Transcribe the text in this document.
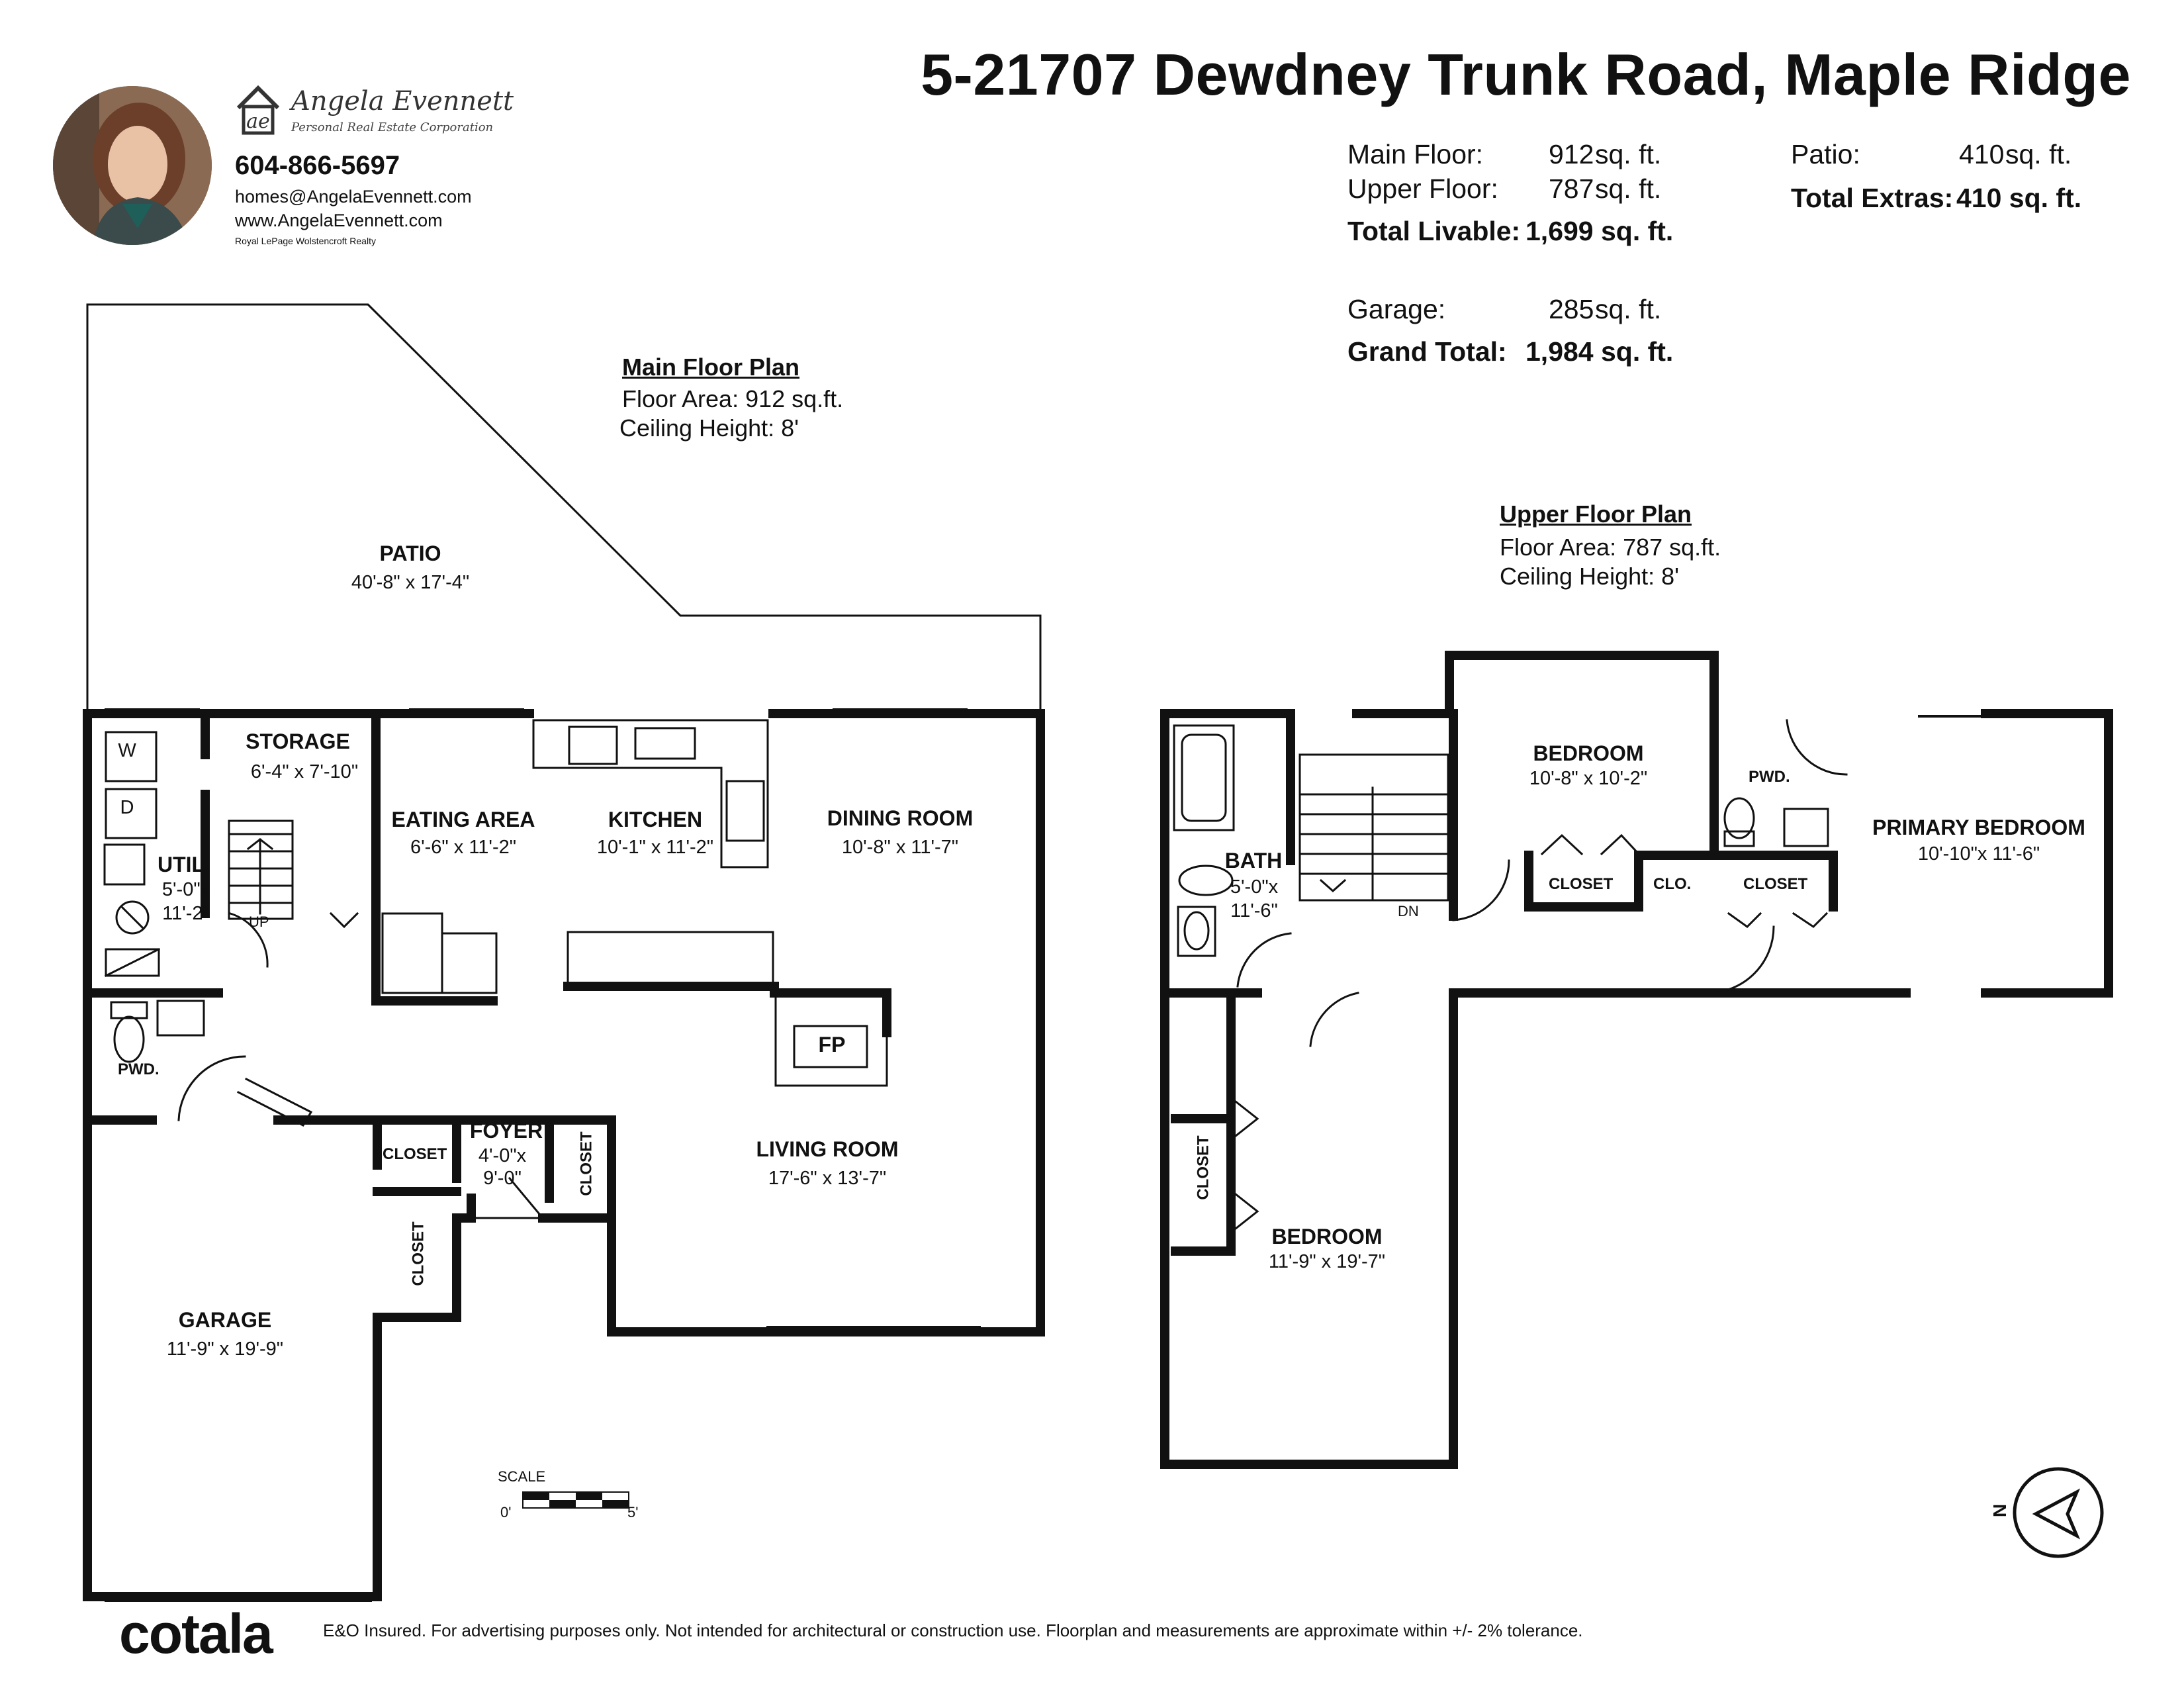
5-21707 Dewdney Trunk Road, Maple Ridge
ae
Angela Evennett
Personal Real Estate Corporation
604-866-5697
homes@AngelaEvennett.com
www.AngelaEvennett.com
Royal LePage Wolstencroft Realty
Main Floor: 912 sq. ft.
Upper Floor: 787 sq. ft.
Total Livable: 1,699 sq. ft.
Garage:	285 sq. ft.
Grand Total: 1,984 sq. ft.
Patio:	410 sq. ft.
Total Extras: 410 sq. ft.
Main Floor Plan
Floor Area: 912 sq.ft.
Ceiling Height: 8'
Upper Floor Plan
Floor Area: 787 sq.ft.
Ceiling Height: 8'
PATIO
40'-8" x 17'-4"
STORAGE
6'-4" x 7'-10"
EATING AREA
6'-6" x 11'-2"
KITCHEN
10'-1" x 11'-2"
DINING ROOM
10'-8" x 11'-7"
UTIL.
5'-0"x
11'-2"
PWD.
FP
FOYER
4'-0"x
9'-0"
CLOSET	CLOSET
CLOSET
LIVING ROOM
17'-6" x 13'-7"
GARAGE
11'-9" x 19'-9"
W
D
UP
BEDROOM
10'-8" x 10'-2"
PRIMARY BEDROOM
10'-10"x 11'-6"
PWD.
BATH
5'-0"x
11'-6"
CLOSET	CLO.	CLOSET
CLOSET
BEDROOM
11'-9" x 19'-7"
DN
SCALE
0'	5'	N
cotala	E&O Insured. For advertising purposes only. Not intended for architectural or construction use. Floorplan and measurements are approximate within +/- 2% tolerance.
